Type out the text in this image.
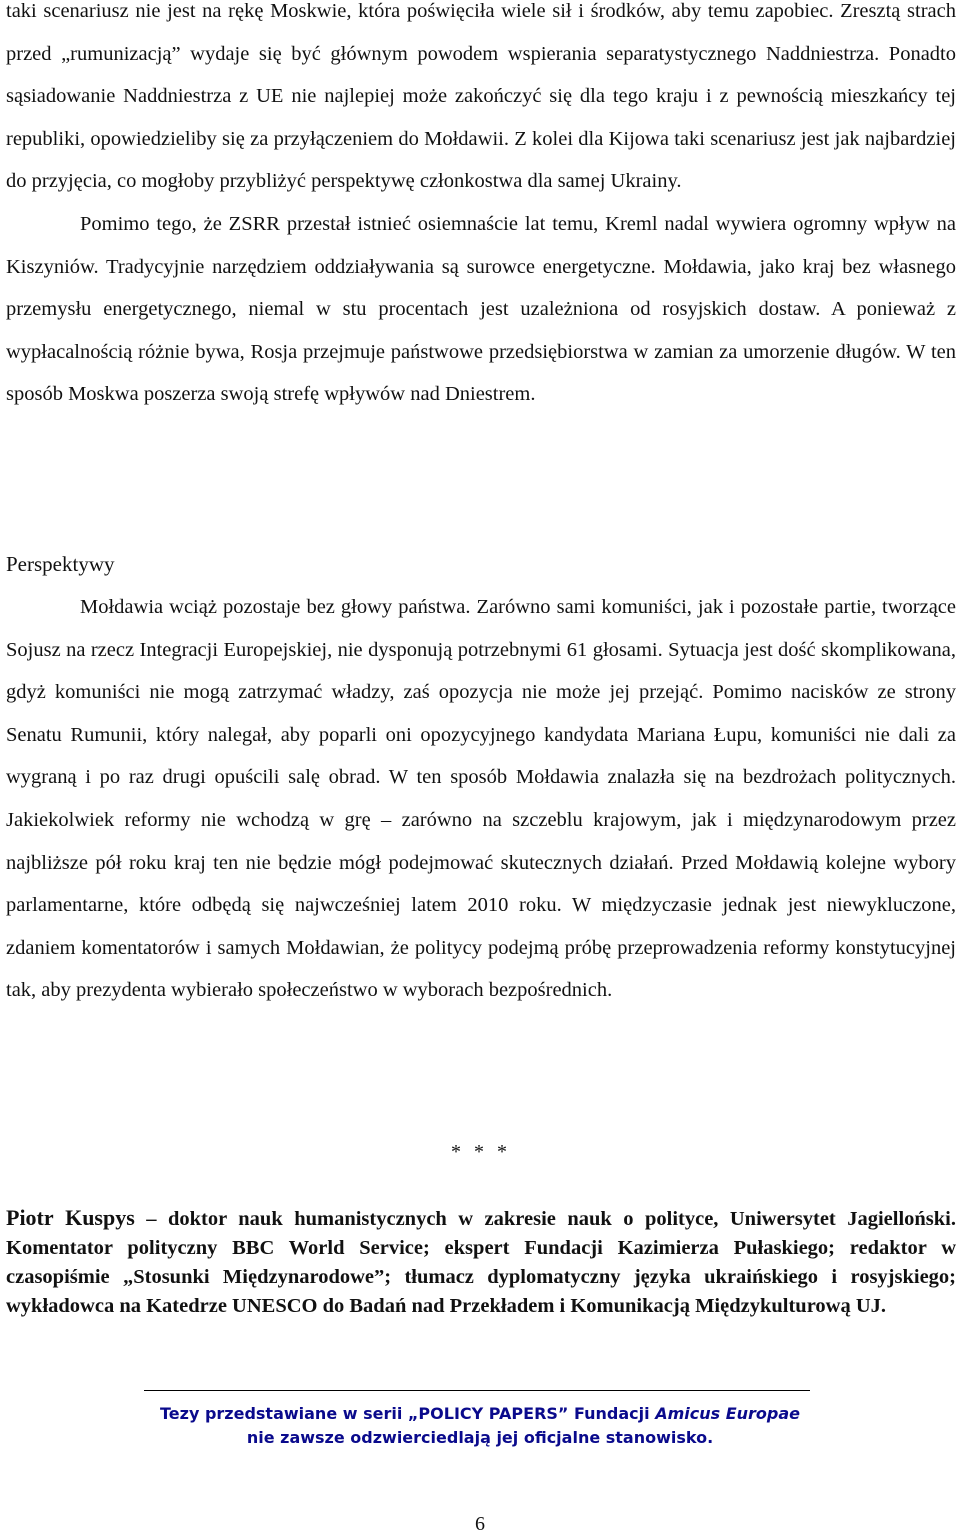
taki scenariusz nie jest na rękę Moskwie, która poświęciła wiele sił i środków, aby temu zapobiec. Zresztą strach przed „rumunizacją” wydaje się być głównym powodem wspierania separatystycznego Naddniestrza. Ponadto sąsiadowanie Naddniestrza z UE nie najlepiej może zakończyć się dla tego kraju i z pewnością mieszkańcy tej republiki, opowiedzieliby się za przyłączeniem do Mołdawii. Z kolei dla Kijowa taki scenariusz jest jak najbardziej do przyjęcia, co mogłoby przybliżyć perspektywę członkostwa dla samej Ukrainy.

Pomimo tego, że ZSRR przestał istnieć osiemnaście lat temu, Kreml nadal wywiera ogromny wpływ na Kiszyniów. Tradycyjnie narzędziem oddziaływania są surowce energetyczne. Mołdawia, jako kraj bez własnego przemysłu energetycznego, niemal w stu procentach jest uzależniona od rosyjskich dostaw. A ponieważ z wypłacalnością różnie bywa, Rosja przejmuje państwowe przedsiębiorstwa w zamian za umorzenie długów. W ten sposób Moskwa poszerza swoją strefę wpływów nad Dniestrem.

Perspektywy

Mołdawia wciąż pozostaje bez głowy państwa. Zarówno sami komuniści, jak i pozostałe partie, tworzące Sojusz na rzecz Integracji Europejskiej, nie dysponują potrzebnymi 61 głosami. Sytuacja jest dość skomplikowana, gdyż komuniści nie mogą zatrzymać władzy, zaś opozycja nie może jej przejąć. Pomimo nacisków ze strony Senatu Rumunii, który nalegał, aby poparli oni opozycyjnego kandydata Mariana Łupu, komuniści nie dali za wygraną i po raz drugi opuścili salę obrad. W ten sposób Mołdawia znalazła się na bezdrożach politycznych. Jakiekolwiek reformy nie wchodzą w grę – zarówno na szczeblu krajowym, jak i międzynarodowym przez najbliższe pół roku kraj ten nie będzie mógł podejmować skutecznych działań. Przed Mołdawią kolejne wybory parlamentarne, które odbędą się najwcześniej latem 2010 roku. W międzyczasie jednak jest niewykluczone, zdaniem komentatorów i samych Mołdawian, że politycy podejmą próbę przeprowadzenia reformy konstytucyjnej tak, aby prezydenta wybierało społeczeństwo w wyborach bezpośrednich.

* * *

Piotr Kuspys – doktor nauk humanistycznych w zakresie nauk o polityce, Uniwersytet Jagielloński. Komentator polityczny BBC World Service; ekspert Fundacji Kazimierza Pułaskiego; redaktor w czasopiśmie „Stosunki Międzynarodowe”; tłumacz dyplomatyczny języka ukraińskiego i rosyjskiego; wykładowca na Katedrze UNESCO do Badań nad Przekładem i Komunikacją Międzykulturową UJ.

Tezy przedstawiane w serii „POLICY PAPERS” Fundacji Amicus Europae
nie zawsze odzwierciedlają jej oficjalne stanowisko.
6
